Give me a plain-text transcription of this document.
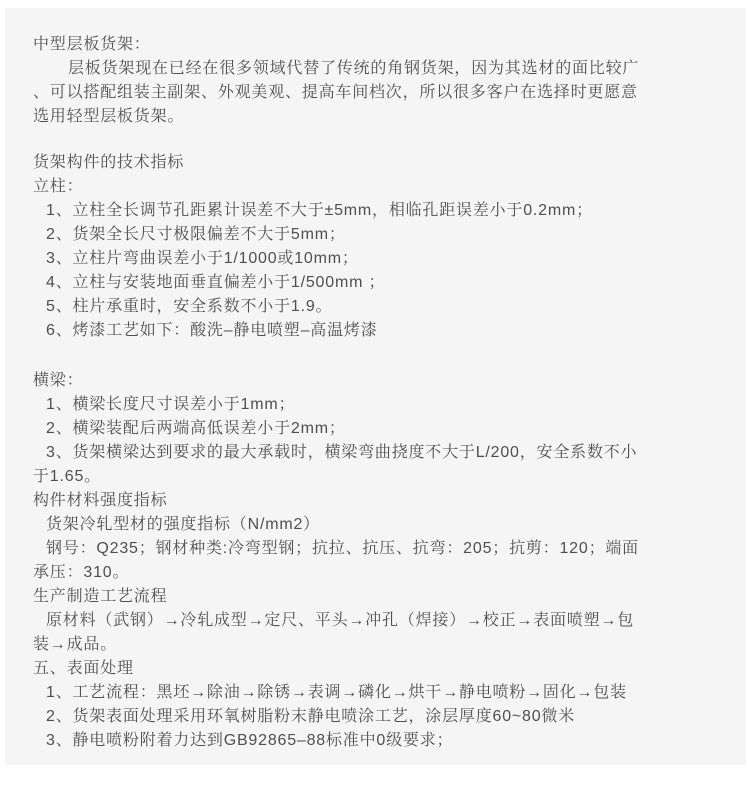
中型层板货架：
层板货架现在已经在很多领域代替了传统的角钢货架，因为其选材的面比较广
、可以搭配组装主副架、外观美观、提高车间档次，所以很多客户在选择时更愿意
选用轻型层板货架。
货架构件的技术指标
立柱：
1、立柱全长调节孔距累计误差不大于±5mm，相临孔距误差小于0.2mm；
2、货架全长尺寸极限偏差不大于5mm；
3、立柱片弯曲误差小于1/1000或10mm；
4、立柱与安装地面垂直偏差小于1/500mm ；
5、柱片承重时，安全系数不小于1.9。
6、烤漆工艺如下：酸洗–静电喷塑–高温烤漆
横梁：
1、横梁长度尺寸误差小于1mm；
2、横梁装配后两端高低误差小于2mm；
3、货架横梁达到要求的最大承载时，横梁弯曲挠度不大于L/200，安全系数不小
于1.65。
构件材料强度指标
货架冷轧型材的强度指标（N/mm2）
钢号：Q235；钢材种类:冷弯型钢；抗拉、抗压、抗弯：205；抗剪：120；端面
承压：310。
生产制造工艺流程
原材料（武钢）→冷轧成型→定尺、平头→冲孔（焊接）→校正→表面喷塑→包
装→成品。
五、表面处理
1、工艺流程：黑坯→除油→除锈→表调→磷化→烘干→静电喷粉→固化→包装
2、货架表面处理采用环氧树脂粉末静电喷涂工艺，涂层厚度60~80微米
3、静电喷粉附着力达到GB92865–88标准中0级要求；
